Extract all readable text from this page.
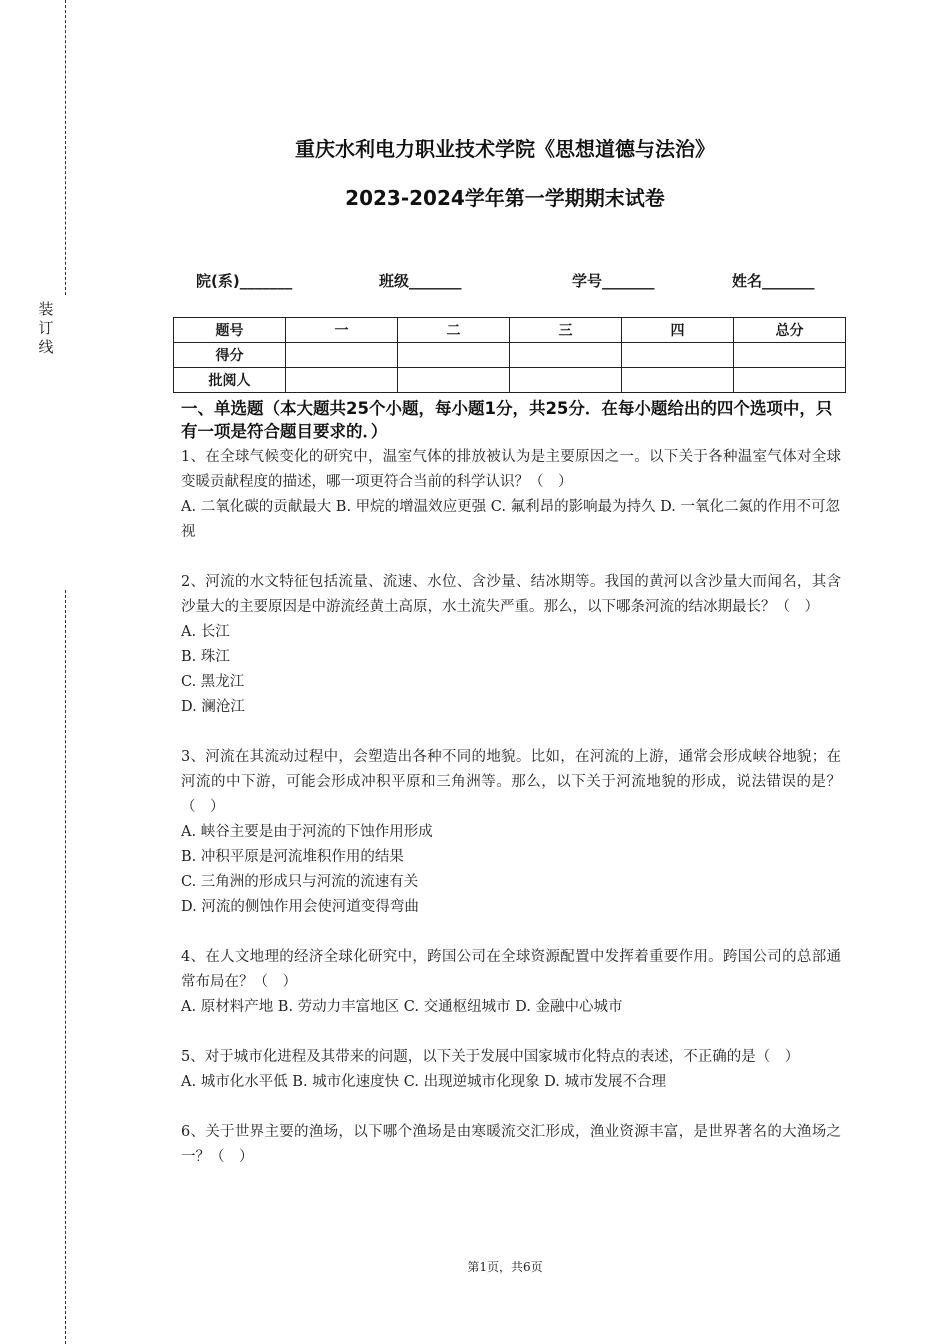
装订线
重庆水利电力职业技术学院《思想道德与法治》
2023-2024学年第一学期期末试卷
院(系)_______	班级_______	学号_______	姓名_______
题号	一	二	三	四	总分
得分					
批阅人					
一、单选题（本大题共25个小题，每小题1分，共25分．在每小题给出的四个选项中，只有一项是符合题目要求的．）

1、在全球气候变化的研究中，温室气体的排放被认为是主要原因之一。以下关于各种温室气体对全球变暖贡献程度的描述，哪一项更符合当前的科学认识？（　）

A. 二氧化碳的贡献最大 B. 甲烷的增温效应更强 C. 氟利昂的影响最为持久 D. 一氧化二氮的作用不可忽视

2、河流的水文特征包括流量、流速、水位、含沙量、结冰期等。我国的黄河以含沙量大而闻名，其含沙量大的主要原因是中游流经黄土高原，水土流失严重。那么，以下哪条河流的结冰期最长？（　）

A. 长江

B. 珠江

C. 黑龙江

D. 澜沧江

3、河流在其流动过程中，会塑造出各种不同的地貌。比如，在河流的上游，通常会形成峡谷地貌；在河流的中下游，可能会形成冲积平原和三角洲等。那么，以下关于河流地貌的形成，说法错误的是？（　）

A. 峡谷主要是由于河流的下蚀作用形成

B. 冲积平原是河流堆积作用的结果

C. 三角洲的形成只与河流的流速有关

D. 河流的侧蚀作用会使河道变得弯曲

4、在人文地理的经济全球化研究中，跨国公司在全球资源配置中发挥着重要作用。跨国公司的总部通常布局在？（　）

A. 原材料产地 B. 劳动力丰富地区 C. 交通枢纽城市 D. 金融中心城市

5、对于城市化进程及其带来的问题，以下关于发展中国家城市化特点的表述，不正确的是（　）

A. 城市化水平低 B. 城市化速度快 C. 出现逆城市化现象 D. 城市发展不合理

6、关于世界主要的渔场，以下哪个渔场是由寒暖流交汇形成，渔业资源丰富，是世界著名的大渔场之一？（　）

第1页，共6页
